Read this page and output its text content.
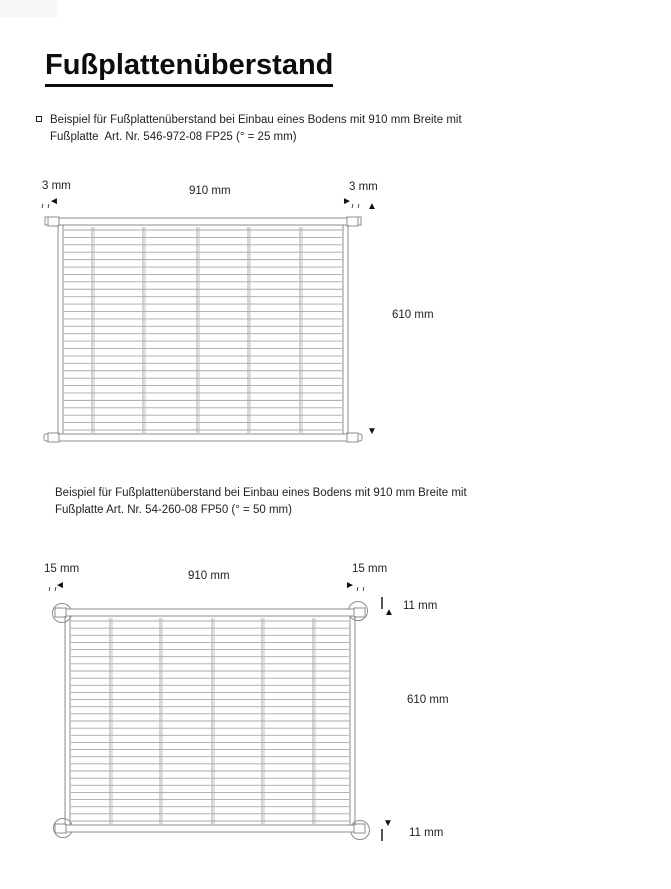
Fußplattenüberstand
Beispiel für Fußplattenüberstand bei Einbau eines Bodens mit 910 mm Breite mit
Fußplatte  Art. Nr. 546-972-08 FP25 (° = 25 mm)
3 mm	910 mm	3 mm
◄	► ▲
610 mm
▼
Beispiel für Fußplattenüberstand bei Einbau eines Bodens mit 910 mm Breite mit
Fußplatte Art. Nr. 54-260-08 FP50 (° = 50 mm)
15 mm
910 mm
15 mm
◄	►
▲
11 mm
610 mm
▼
11 mm
